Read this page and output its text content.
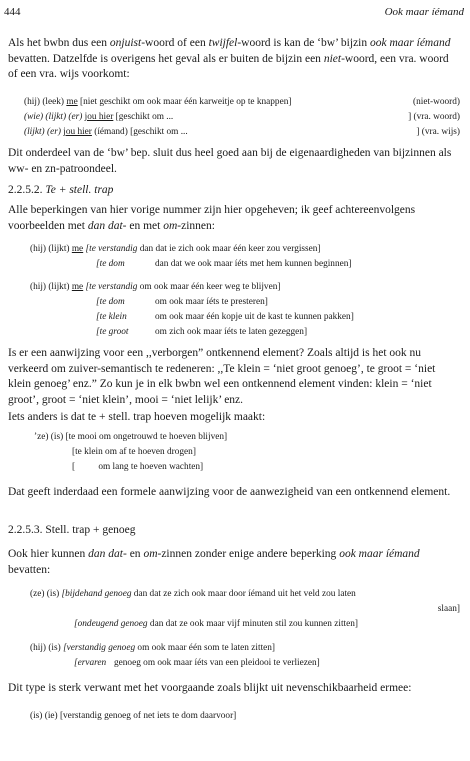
444	Ook maar íémand
Als het bwbn dus een onjuist-woord of een twijfel-woord is kan de ‘bw’ bijzin ook maar íémand bevatten. Datzelfde is overigens het geval als er buiten de bijzin een niet-woord, een vra. woord of een vra. wijs voorkomt:
(hij) (leek) me [niet geschikt om ook maar één karweitje op te knappen]	(niet-woord)
(wie) (lijkt) (er) jou hier [geschikt om ...	] (vra. woord)
(lijkt) (er) jou hier (íémand) [geschikt om ...	] (vra. wijs)
Dit onderdeel van de ‘bw’ bep. sluit dus heel goed aan bij de eigenaardigheden van bijzinnen als ww- en zn-patroondeel.
2.2.5.2. Te + stell. trap
Alle beperkingen van hier vorige nummer zijn hier opgeheven; ik geef achtereenvolgens voorbeelden met dan dat- en met om-zinnen:
(hij) (lijkt) me [te verstandig dan dat ie zich ook maar één keer zou vergissen]
[te dom	dan dat we ook maar íéts met hem kunnen beginnen]
(hij) (lijkt) me [te verstandig om ook maar één keer weg te blijven]
[te dom	om ook maar íéts te presteren]
[te klein	om ook maar één kopje uit de kast te kunnen pakken]
[te groot	om zich ook maar íéts te laten gezeggen]
Is er een aanwijzing voor een ,,verborgen” ontkennend element? Zoals altijd is het ook nu verkeerd om zuiver-semantisch te redeneren: ,,Te klein = ‘niet groot genoeg’, te groot = ‘niet klein genoeg’ enz.” Zo kun je in elk bwbn wel een ontkennend element vinden: klein = ‘niet groot’, groot = ‘niet klein’, mooi = ‘niet lelijk’ enz.
Iets anders is dat te + stell. trap hoeven mogelijk maakt:
’ze) (is) [te mooi om ongetrouwd te hoeven blijven]
[te klein om af te hoeven drogen]
[          om lang te hoeven wachten]
Dat geeft inderdaad een formele aanwijzing voor de aanwezigheid van een ontkennend element.
2.2.5.3. Stell. trap + genoeg
Ook hier kunnen dan dat- en om-zinnen zonder enige andere beperking ook maar íémand bevatten:
(ze) (is) [bijdehand genoeg dan dat ze zich ook maar door íémand uit het veld zou laten
slaan]
[ondeugend genoeg dan dat ze ook maar vijf minuten stil zou kunnen zitten]
(hij) (is) [verstandig genoeg om ook maar één som te laten zitten]
[ervaren genoeg om ook maar íéts van een pleidooi te verliezen]
Dit type is sterk verwant met het voorgaande zoals blijkt uit nevenschikbaarheid ermee:
(is) (ie) [verstandig genoeg of net iets te dom daarvoor]
